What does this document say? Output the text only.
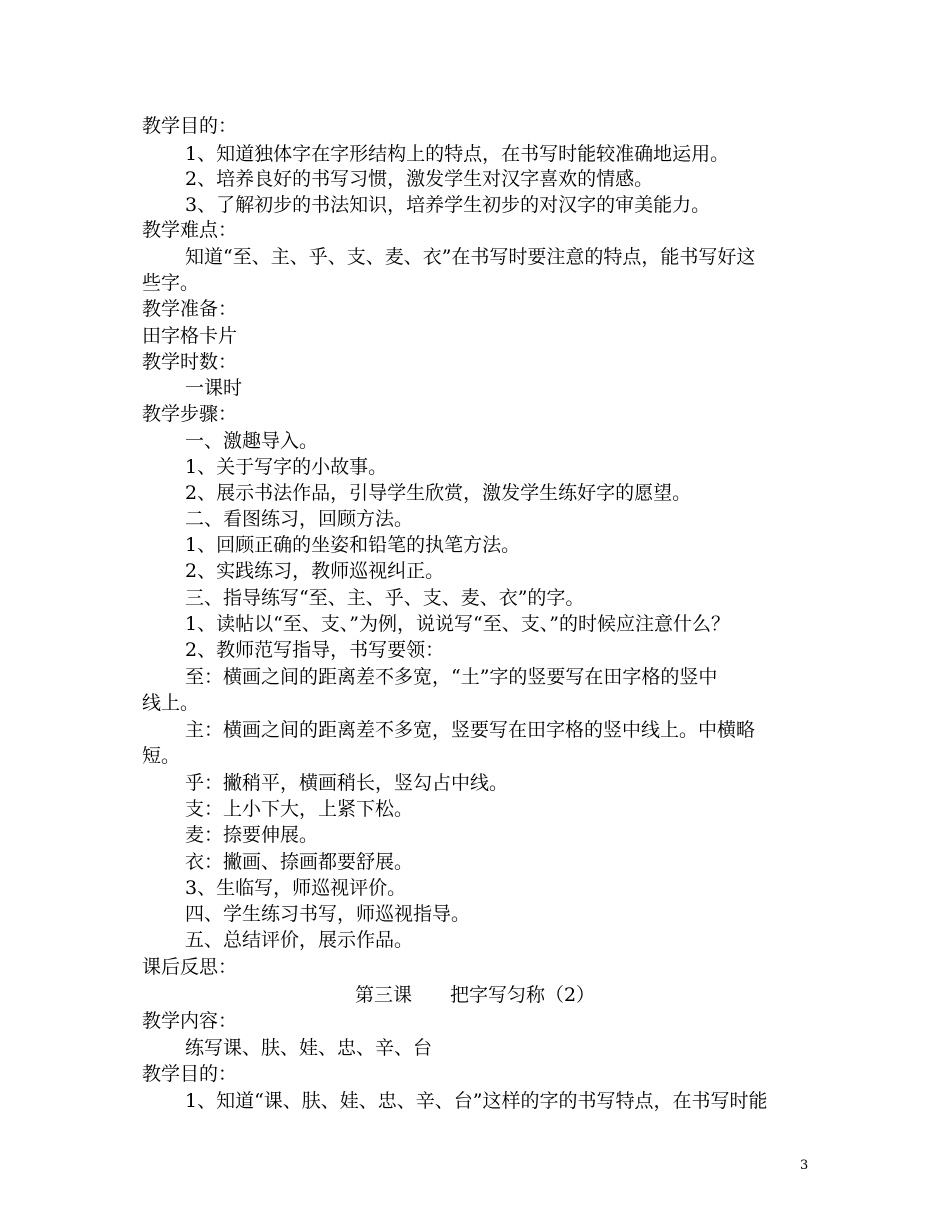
教学目的：
1、知道独体字在字形结构上的特点，在书写时能较准确地运用。
2、培养良好的书写习惯，激发学生对汉字喜欢的情感。
3、了解初步的书法知识，培养学生初步的对汉字的审美能力。
教学难点：
知道“至、主、乎、支、麦、衣”在书写时要注意的特点，能书写好这
些字。
教学准备：
田字格卡片
教学时数：
一课时
教学步骤：
一、激趣导入。
1、关于写字的小故事。
2、展示书法作品，引导学生欣赏，激发学生练好字的愿望。
二、看图练习，回顾方法。
1、回顾正确的坐姿和铅笔的执笔方法。
2、实践练习，教师巡视纠正。
三、指导练写“至、主、乎、支、麦、衣”的字。
1、读帖以“至、支、”为例，说说写“至、支、”的时候应注意什么？
2、教师范写指导，书写要领：
至：横画之间的距离差不多宽，“土”字的竖要写在田字格的竖中
线上。
主：横画之间的距离差不多宽，竖要写在田字格的竖中线上。中横略
短。
乎：撇稍平，横画稍长，竖勾占中线。
支：上小下大，上紧下松。
麦：捺要伸展。
衣：撇画、捺画都要舒展。
3、生临写，师巡视评价。
四、学生练习书写，师巡视指导。
五、总结评价，展示作品。
课后反思：
第三课　　把字写匀称（2）
教学内容：
练写课、肤、娃、忠、辛、台
教学目的：
1、知道“课、肤、娃、忠、辛、台”这样的字的书写特点，在书写时能
3
